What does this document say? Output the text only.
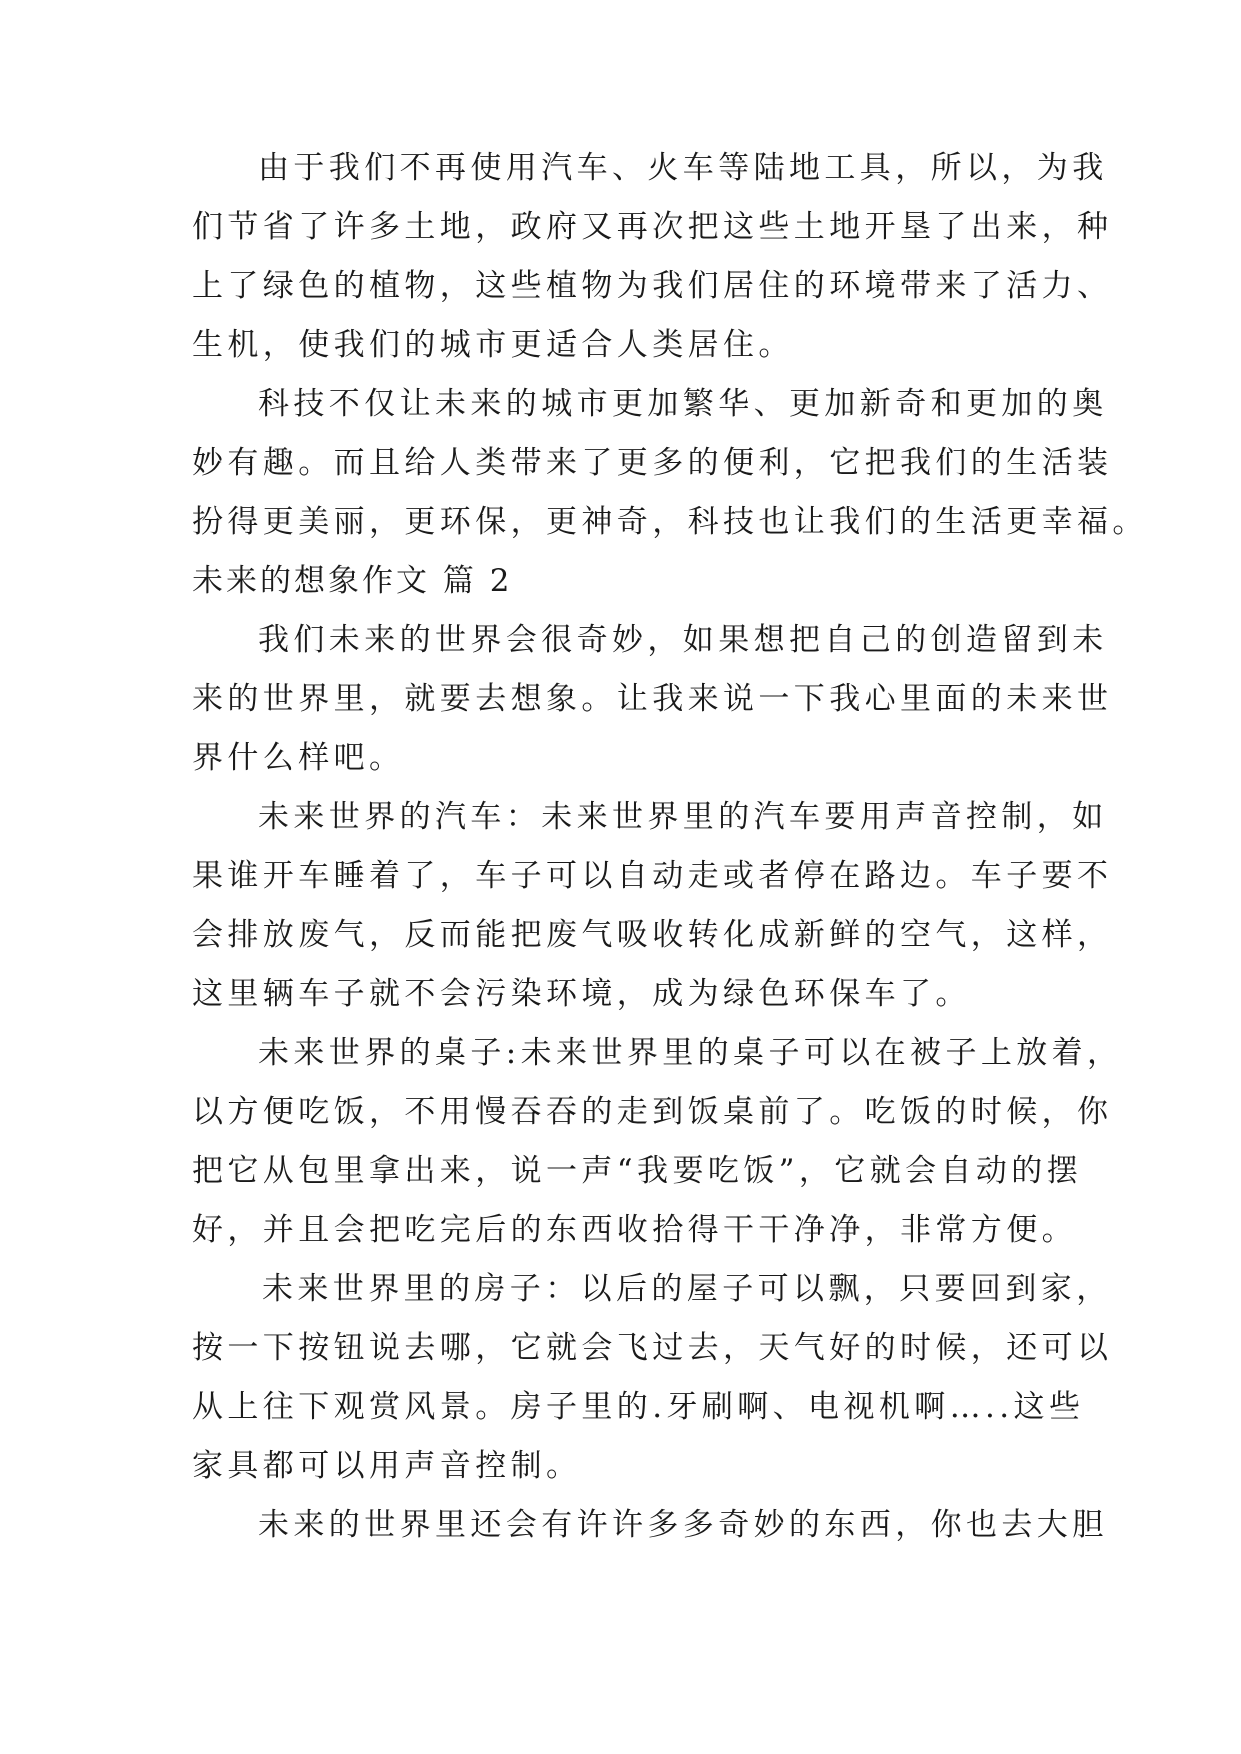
由于我们不再使用汽车、火车等陆地工具，所以，为我
们节省了许多土地，政府又再次把这些土地开垦了出来，种
上了绿色的植物，这些植物为我们居住的环境带来了活力、
生机，使我们的城市更适合人类居住。
科技不仅让未来的城市更加繁华、更加新奇和更加的奥
妙有趣。而且给人类带来了更多的便利，它把我们的生活装
扮得更美丽，更环保，更神奇，科技也让我们的生活更幸福。
未来的想象作文 篇 2
我们未来的世界会很奇妙，如果想把自己的创造留到未
来的世界里，就要去想象。让我来说一下我心里面的未来世
界什么样吧。
未来世界的汽车：未来世界里的汽车要用声音控制，如
果谁开车睡着了，车子可以自动走或者停在路边。车子要不
会排放废气，反而能把废气吸收转化成新鲜的空气，这样，
这里辆车子就不会污染环境，成为绿色环保车了。
未来世界的桌子:未来世界里的桌子可以在被子上放着，
以方便吃饭，不用慢吞吞的走到饭桌前了。吃饭的时候，你
把它从包里拿出来，说一声“我要吃饭”，它就会自动的摆
好，并且会把吃完后的东西收拾得干干净净，非常方便。
未来世界里的房子：以后的屋子可以飘，只要回到家，
按一下按钮说去哪，它就会飞过去，天气好的时候，还可以
从上往下观赏风景。房子里的.牙刷啊、电视机啊…..这些
家具都可以用声音控制。
未来的世界里还会有许许多多奇妙的东西，你也去大胆
